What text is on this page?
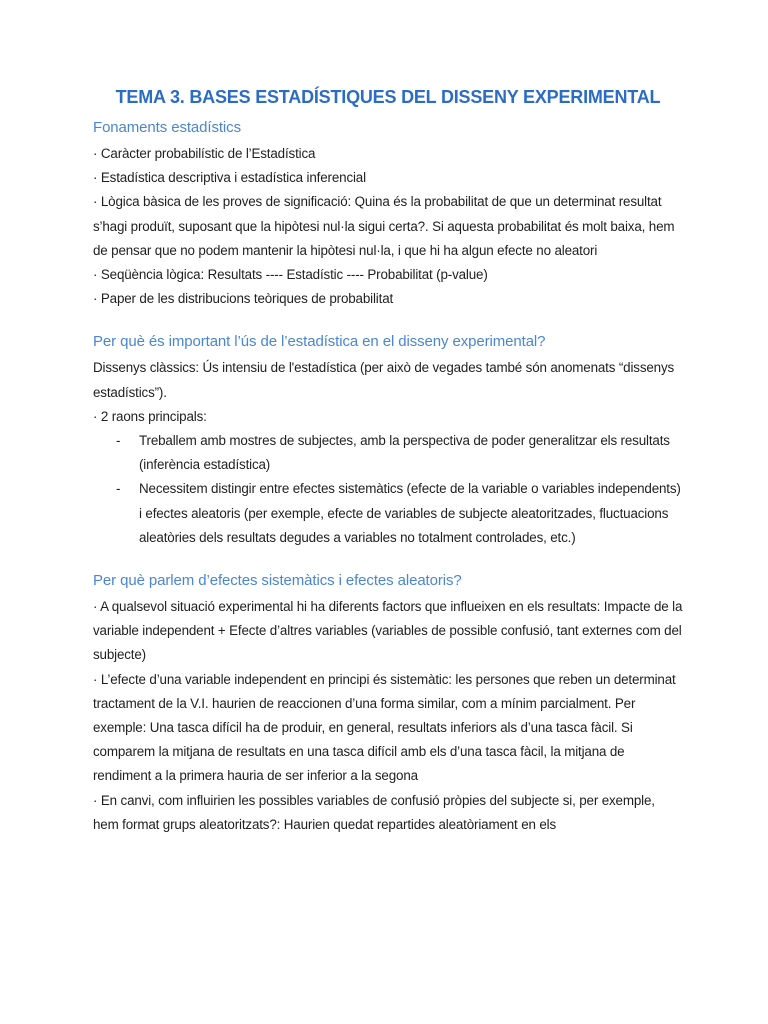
TEMA 3. BASES ESTADÍSTIQUES DEL DISSENY EXPERIMENTAL
Fonaments estadístics

· Caràcter probabilístic de l’Estadística

· Estadística descriptiva i estadística inferencial

· Lògica bàsica de les proves de significació: Quina és la probabilitat de que un determinat resultat s’hagi produït, suposant que la hipòtesi nul·la sigui certa?. Si aquesta probabilitat és molt baixa, hem de pensar que no podem mantenir la hipòtesi nul·la, i que hi ha algun efecte no aleatori

· Seqüència lògica: Resultats ---- Estadístic ---- Probabilitat (p-value)

· Paper de les distribucions teòriques de probabilitat

Per què és important l’ús de l’estadística en el disseny experimental?

Dissenys clàssics: Ús intensiu de l'estadística (per això de vegades també són anomenats “dissenys estadístics”).

· 2 raons principals:

- Treballem amb mostres de subjectes, amb la perspectiva de poder generalitzar els resultats (inferència estadística)
- Necessitem distingir entre efectes sistemàtics (efecte de la variable o variables independents) i efectes aleatoris (per exemple, efecte de variables de subjecte aleatoritzades, fluctuacions aleatòries dels resultats degudes a variables no totalment controlades, etc.)
Per què parlem d’efectes sistemàtics i efectes aleatoris?

· A qualsevol situació experimental hi ha diferents factors que influeixen en els resultats: Impacte de la variable independent + Efecte d’altres variables (variables de possible confusió, tant externes com del subjecte)

· L’efecte d’una variable independent en principi és sistemàtic: les persones que reben un determinat tractament de la V.I. haurien de reaccionen d’una forma similar, com a mínim parcialment. Per exemple: Una tasca difícil ha de produir, en general, resultats inferiors als d’una tasca fàcil. Si comparem la mitjana de resultats en una tasca difícil amb els d’una tasca fàcil, la mitjana de rendiment a la primera hauria de ser inferior a la segona

· En canvi, com influirien les possibles variables de confusió pròpies del subjecte si, per exemple, hem format grups aleatoritzats?: Haurien quedat repartides aleatòriament en els
